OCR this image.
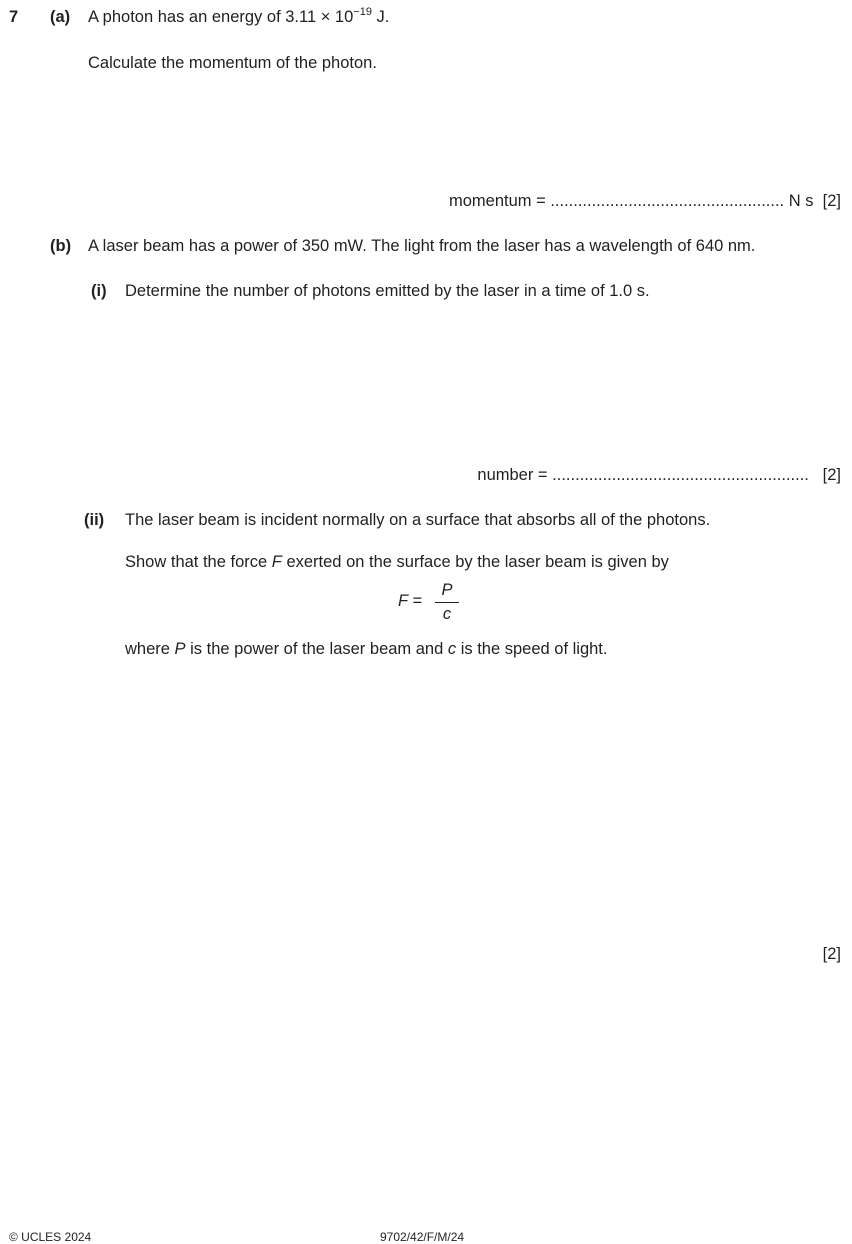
7 (a) A photon has an energy of $3.11 \times 10^{-19}$ J.
Calculate the momentum of the photon.
momentum = ................................................... N s [2]
(b) A laser beam has a power of 350 mW. The light from the laser has a wavelength of 640 nm.
(i) Determine the number of photons emitted by the laser in a time of 1.0 s.
number = ........................................................ [2]
(ii) The laser beam is incident normally on a surface that absorbs all of the photons.
Show that the force F exerted on the surface by the laser beam is given by
F =
P
c
where P is the power of the laser beam and c is the speed of light.
[2]
© UCLES 2024	9702/42/F/M/24
